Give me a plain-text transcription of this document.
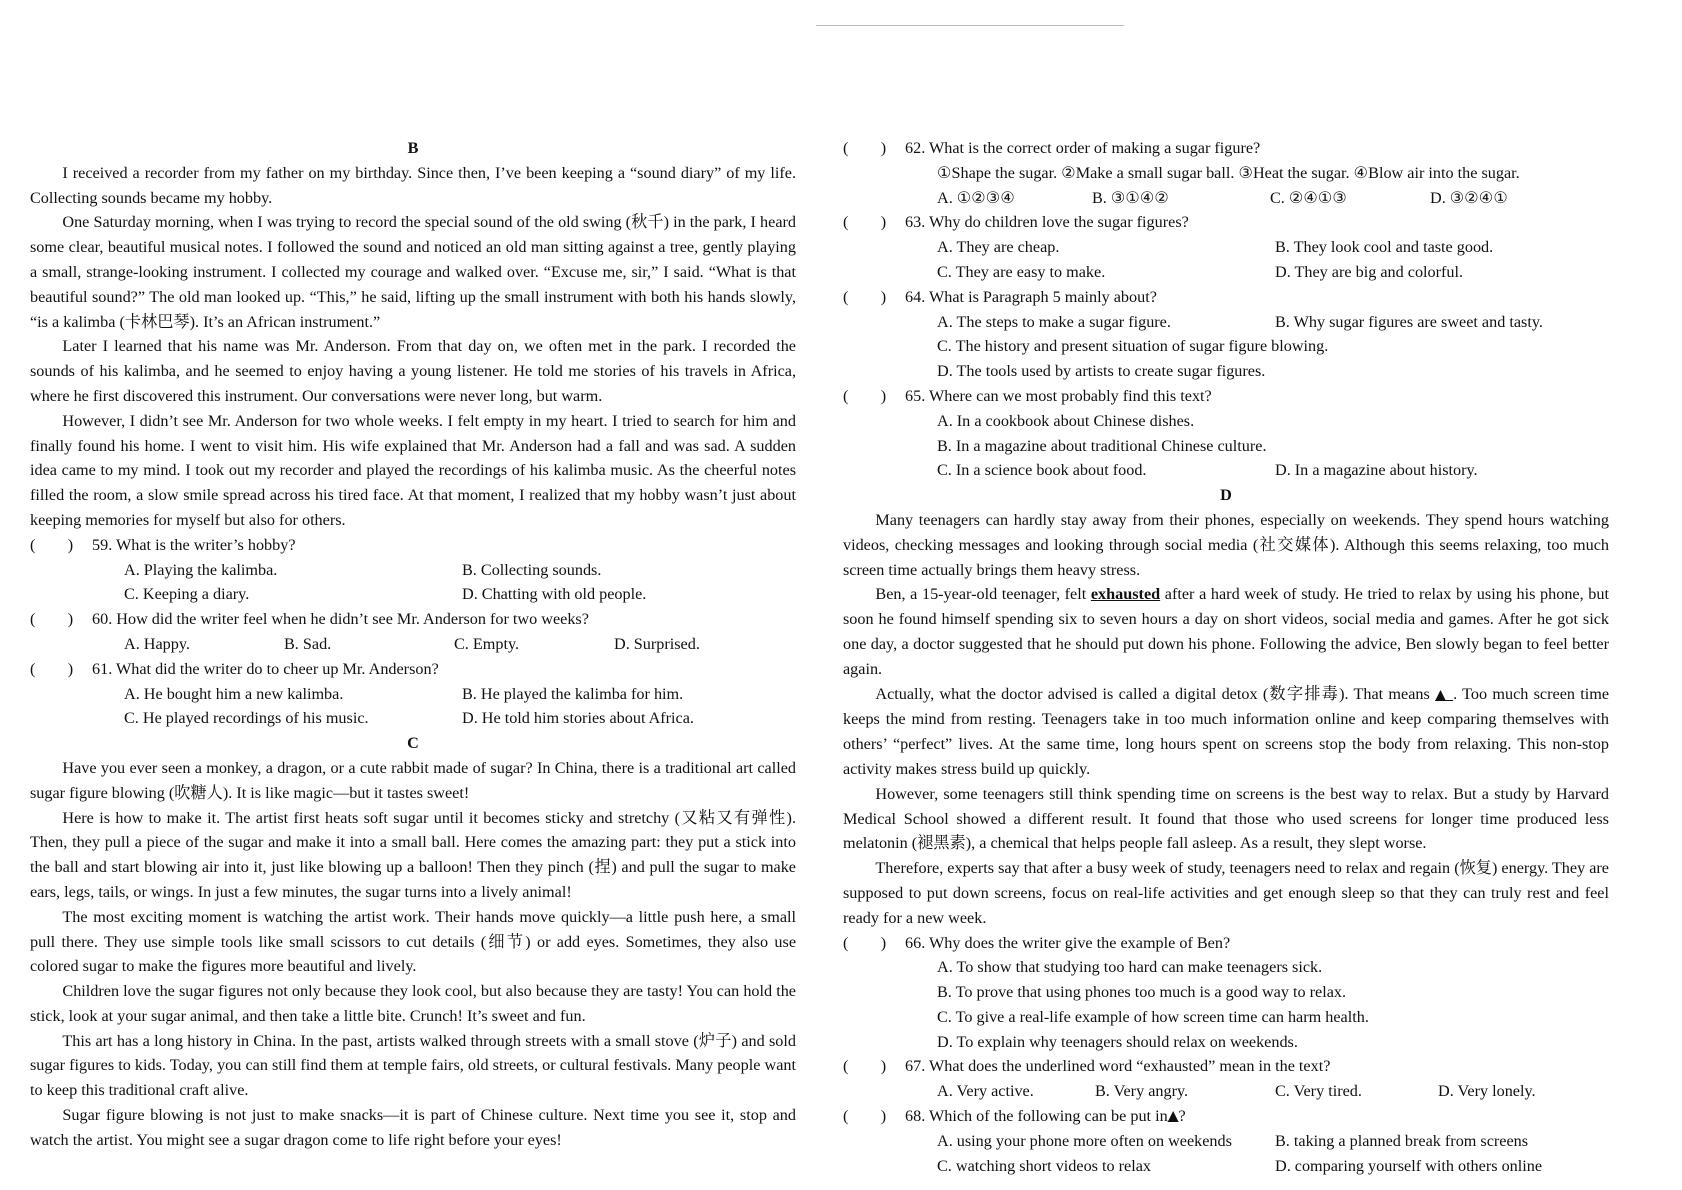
B

I received a recorder from my father on my birthday. Since then, I’ve been keeping a “sound diary” of my life. Collecting sounds became my hobby.

One Saturday morning, when I was trying to record the special sound of the old swing (秋千) in the park, I heard some clear, beautiful musical notes. I followed the sound and noticed an old man sitting against a tree, gently playing a small, strange-looking instrument. I collected my courage and walked over. “Excuse me, sir,” I said. “What is that beautiful sound?” The old man looked up. “This,” he said, lifting up the small instrument with both his hands slowly, “is a kalimba (卡林巴琴). It’s an African instrument.”

Later I learned that his name was Mr. Anderson. From that day on, we often met in the park. I recorded the sounds of his kalimba, and he seemed to enjoy having a young listener. He told me stories of his travels in Africa, where he first discovered this instrument. Our conversations were never long, but warm.

However, I didn’t see Mr. Anderson for two whole weeks. I felt empty in my heart. I tried to search for him and finally found his home. I went to visit him. His wife explained that Mr. Anderson had a fall and was sad. A sudden idea came to my mind. I took out my recorder and played the recordings of his kalimba music. As the cheerful notes filled the room, a slow smile spread across his tired face. At that moment, I realized that my hobby wasn’t just about keeping memories for myself but also for others.

(　　)	59. What is the writer’s hobby?
A. Playing the kalimba.	B. Collecting sounds.
C. Keeping a diary.	D. Chatting with old people.
(　　)	60. How did the writer feel when he didn’t see Mr. Anderson for two weeks?
A. Happy.	B. Sad.	C. Empty.	D. Surprised.
(　　)	61. What did the writer do to cheer up Mr. Anderson?
A. He bought him a new kalimba.	B. He played the kalimba for him.
C. He played recordings of his music.	D. He told him stories about Africa.
C

Have you ever seen a monkey, a dragon, or a cute rabbit made of sugar? In China, there is a traditional art called sugar figure blowing (吹糖人). It is like magic—but it tastes sweet!

Here is how to make it. The artist first heats soft sugar until it becomes sticky and stretchy (又粘又有弹性). Then, they pull a piece of the sugar and make it into a small ball. Here comes the amazing part: they put a stick into the ball and start blowing air into it, just like blowing up a balloon! Then they pinch (捏) and pull the sugar to make ears, legs, tails, or wings. In just a few minutes, the sugar turns into a lively animal!

The most exciting moment is watching the artist work. Their hands move quickly—a little push here, a small pull there. They use simple tools like small scissors to cut details (细节) or add eyes. Sometimes, they also use colored sugar to make the figures more beautiful and lively.

Children love the sugar figures not only because they look cool, but also because they are tasty! You can hold the stick, look at your sugar animal, and then take a little bite. Crunch! It’s sweet and fun.

This art has a long history in China. In the past, artists walked through streets with a small stove (炉子) and sold sugar figures to kids. Today, you can still find them at temple fairs, old streets, or cultural festivals. Many people want to keep this traditional craft alive.

Sugar figure blowing is not just to make snacks—it is part of Chinese culture. Next time you see it, stop and watch the artist. You might see a sugar dragon come to life right before your eyes!

(　　)	62. What is the correct order of making a sugar figure?
①Shape the sugar. ②Make a small sugar ball. ③Heat the sugar. ④Blow air into the sugar.
A. ①②③④	B. ③①④②	C. ②④①③	D. ③②④①
(　　)	63. Why do children love the sugar figures?
A. They are cheap.	B. They look cool and taste good.
C. They are easy to make.	D. They are big and colorful.
(　　)	64. What is Paragraph 5 mainly about?
A. The steps to make a sugar figure.	B. Why sugar figures are sweet and tasty.
C. The history and present situation of sugar figure blowing.
D. The tools used by artists to create sugar figures.
(　　)	65. Where can we most probably find this text?
A. In a cookbook about Chinese dishes.
B. In a magazine about traditional Chinese culture.
C. In a science book about food.	D. In a magazine about history.
D

Many teenagers can hardly stay away from their phones, especially on weekends. They spend hours watching videos, checking messages and looking through social media (社交媒体). Although this seems relaxing, too much screen time actually brings them heavy stress.

Ben, a 15-year-old teenager, felt exhausted after a hard week of study. He tried to relax by using his phone, but soon he found himself spending six to seven hours a day on short videos, social media and games. After he got sick one day, a doctor suggested that he should put down his phone. Following the advice, Ben slowly began to feel better again.

Actually, what the doctor advised is called a digital detox (数字排毒). That means ▲ . Too much screen time keeps the mind from resting. Teenagers take in too much information online and keep comparing themselves with others’ “perfect” lives. At the same time, long hours spent on screens stop the body from relaxing. This non-stop activity makes stress build up quickly.

However, some teenagers still think spending time on screens is the best way to relax. But a study by Harvard Medical School showed a different result. It found that those who used screens for longer time produced less melatonin (褪黑素), a chemical that helps people fall asleep. As a result, they slept worse.

Therefore, experts say that after a busy week of study, teenagers need to relax and regain (恢复) energy. They are supposed to put down screens, focus on real-life activities and get enough sleep so that they can truly rest and feel ready for a new week.

(　　)	66. Why does the writer give the example of Ben?
A. To show that studying too hard can make teenagers sick.
B. To prove that using phones too much is a good way to relax.
C. To give a real-life example of how screen time can harm health.
D. To explain why teenagers should relax on weekends.
(　　)	67. What does the underlined word “exhausted” mean in the text?
A. Very active.	B. Very angry.	C. Very tired.	D. Very lonely.
(　　)	68. Which of the following can be put in ▲ ?
A. using your phone more often on weekends	B. taking a planned break from screens
C. watching short videos to relax	D. comparing yourself with others online
